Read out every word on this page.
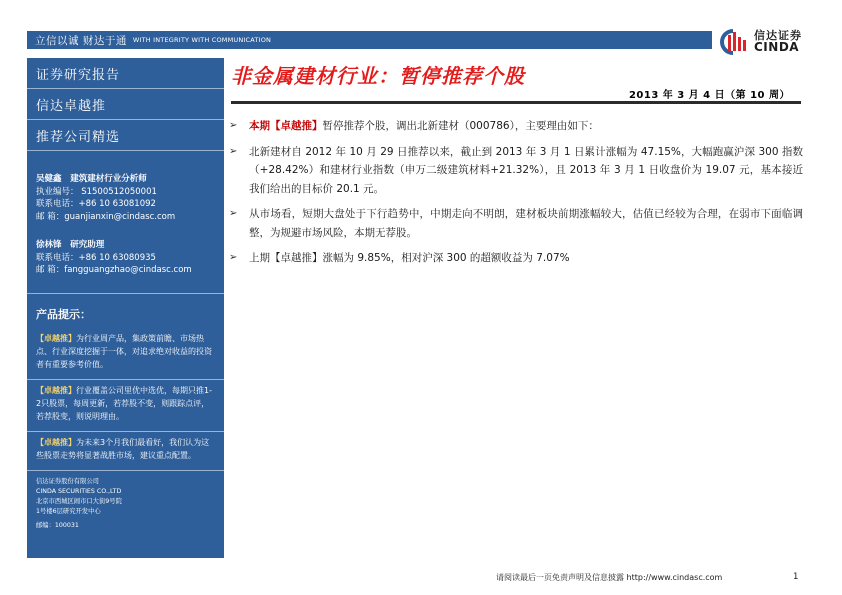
立信以诚 财达于通 WITH INTEGRITY WITH COMMUNICATION	信达证券
CINDA
证券研究报告
信达卓越推
推荐公司精选
吴健鑫 建筑建材行业分析师
执业编号： S1500512050001
联系电话：+86 10 63081092
邮 箱：guanjianxin@cindasc.com
徐林锋 研究助理
联系电话：+86 10 63080935
邮 箱：fangguangzhao@cindasc.com
产品提示：
【卓越推】为行业周产品，集政策前瞻、市场热点、行业深度挖掘于一体，对追求绝对收益的投资者有重要参考价值。
【卓越推】行业覆盖公司里优中选优，每期只推1-2只股票，每周更新，若荐股不变，则跟踪点评，若荐股变，则说明理由。
【卓越推】为未来3个月我们最看好，我们认为这些股票走势将显著战胜市场，建议重点配置。
信达证券股份有限公司
CINDA SECURITIES CO.,LTD
北京市西城区闹市口大街9号院
1号楼6层研究开发中心
邮编：100031
非金属建材行业：暂停推荐个股
2013 年 3 月 4 日（第 10 周）
➢	本期【卓越推】暂停推荐个股，调出北新建材（000786），主要理由如下：
➢	北新建材自 2012 年 10 月 29 日推荐以来，截止到 2013 年 3 月 1 日累计涨幅为 47.15%，大幅跑赢沪深 300 指数（+28.42%）和建材行业指数（申万二级建筑材料+21.32%），且 2013 年 3 月 1 日收盘价为 19.07 元，基本接近我们给出的目标价 20.1 元。
➢	从市场看，短期大盘处于下行趋势中，中期走向不明朗，建材板块前期涨幅较大，估值已经较为合理，在弱市下面临调整，为规避市场风险，本期无荐股。
➢	上期【卓越推】涨幅为 9.85%，相对沪深 300 的超额收益为 7.07%
请阅读最后一页免责声明及信息披露 http://www.cindasc.com	1
